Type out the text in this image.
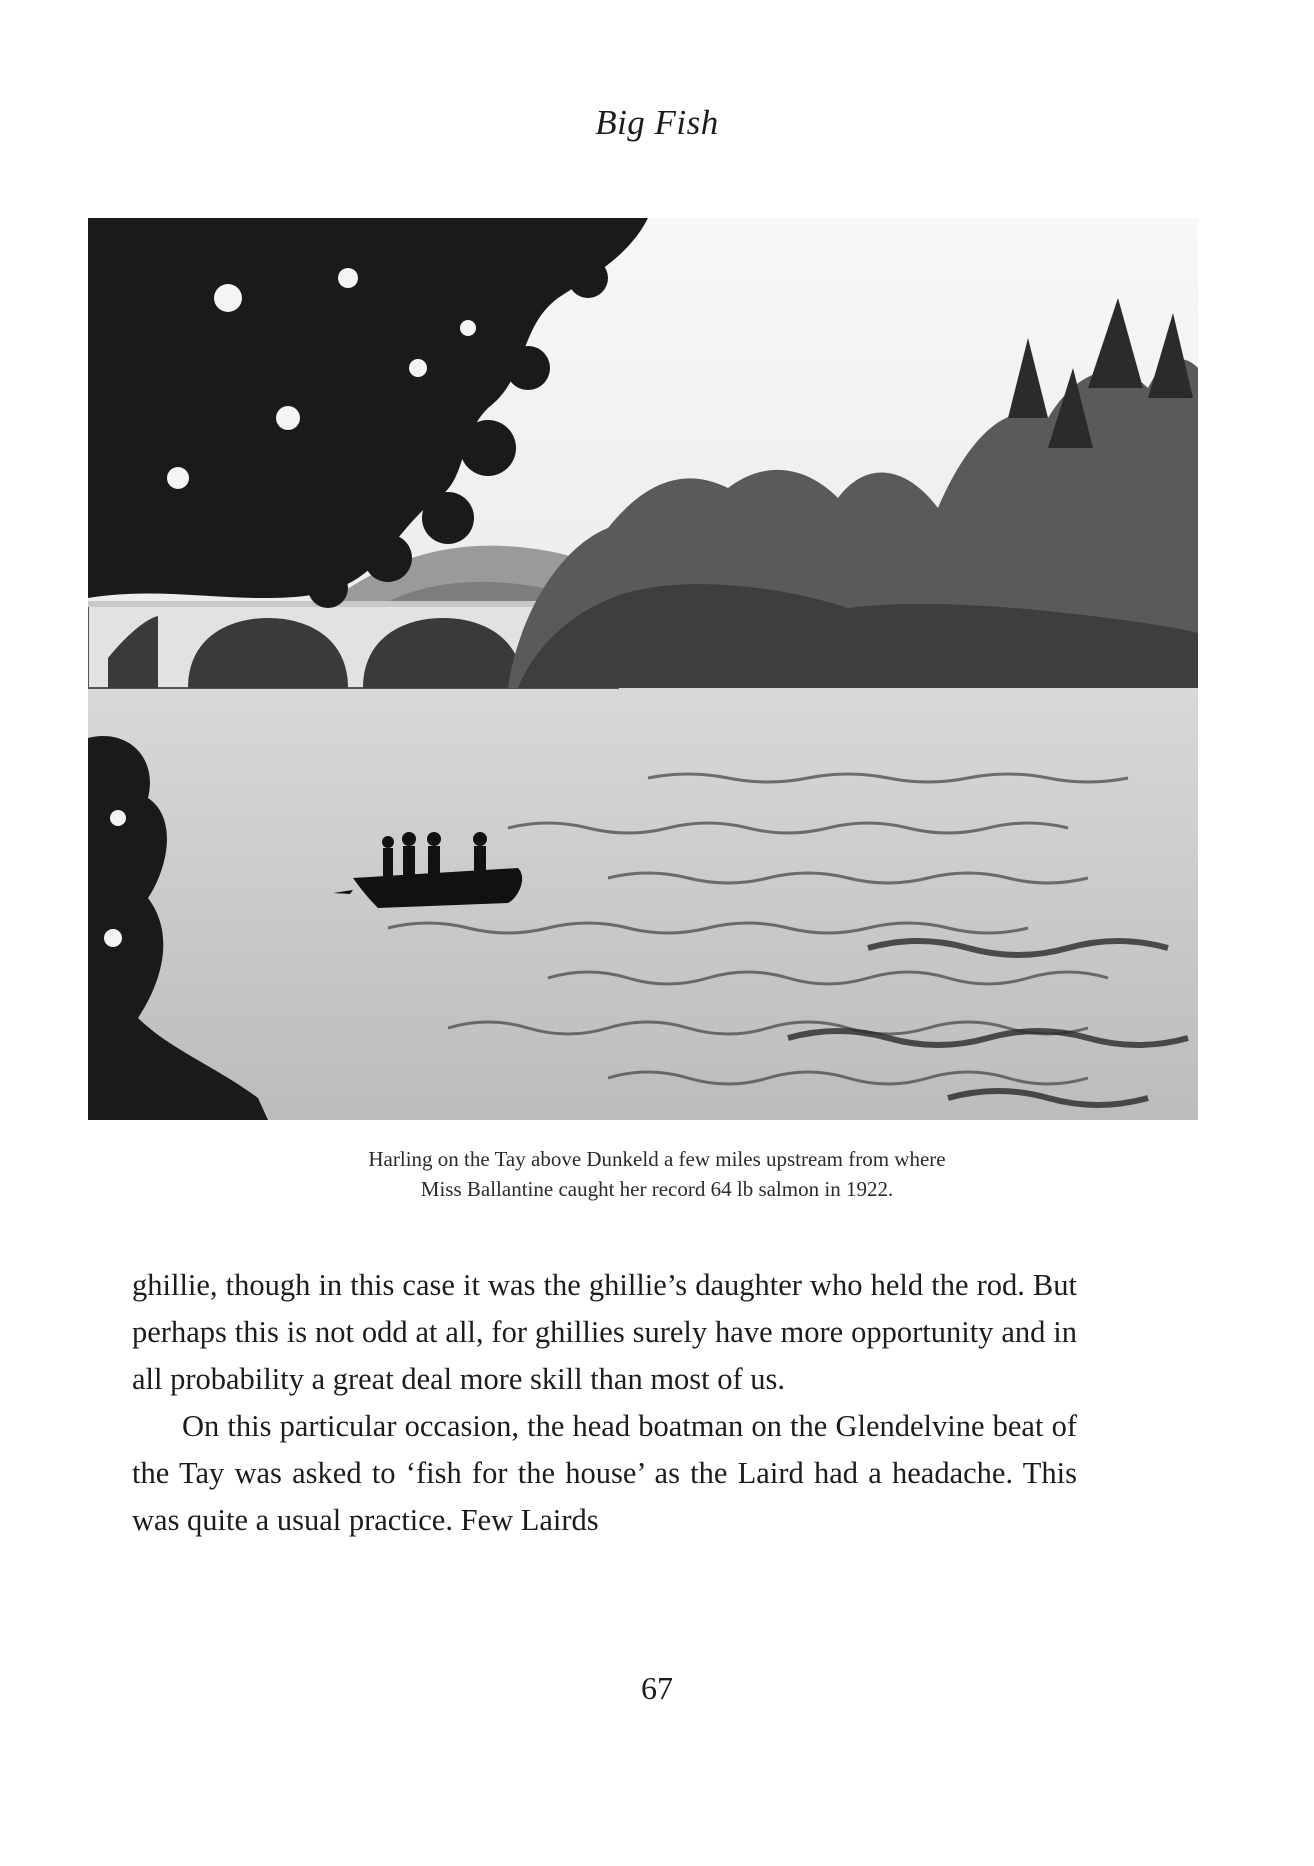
Big Fish
Harling on the Tay above Dunkeld a few miles upstream from where
Miss Ballantine caught her record 64 lb salmon in 1922.

ghillie, though in this case it was the ghillie’s daughter who held the rod. But perhaps this is not odd at all, for ghillies surely have more opportunity and in all probability a great deal more skill than most of us.

On this particular occasion, the head boatman on the Glendelvine beat of the Tay was asked to ‘fish for the house’ as the Laird had a headache. This was quite a usual practice. Few Lairds

67
